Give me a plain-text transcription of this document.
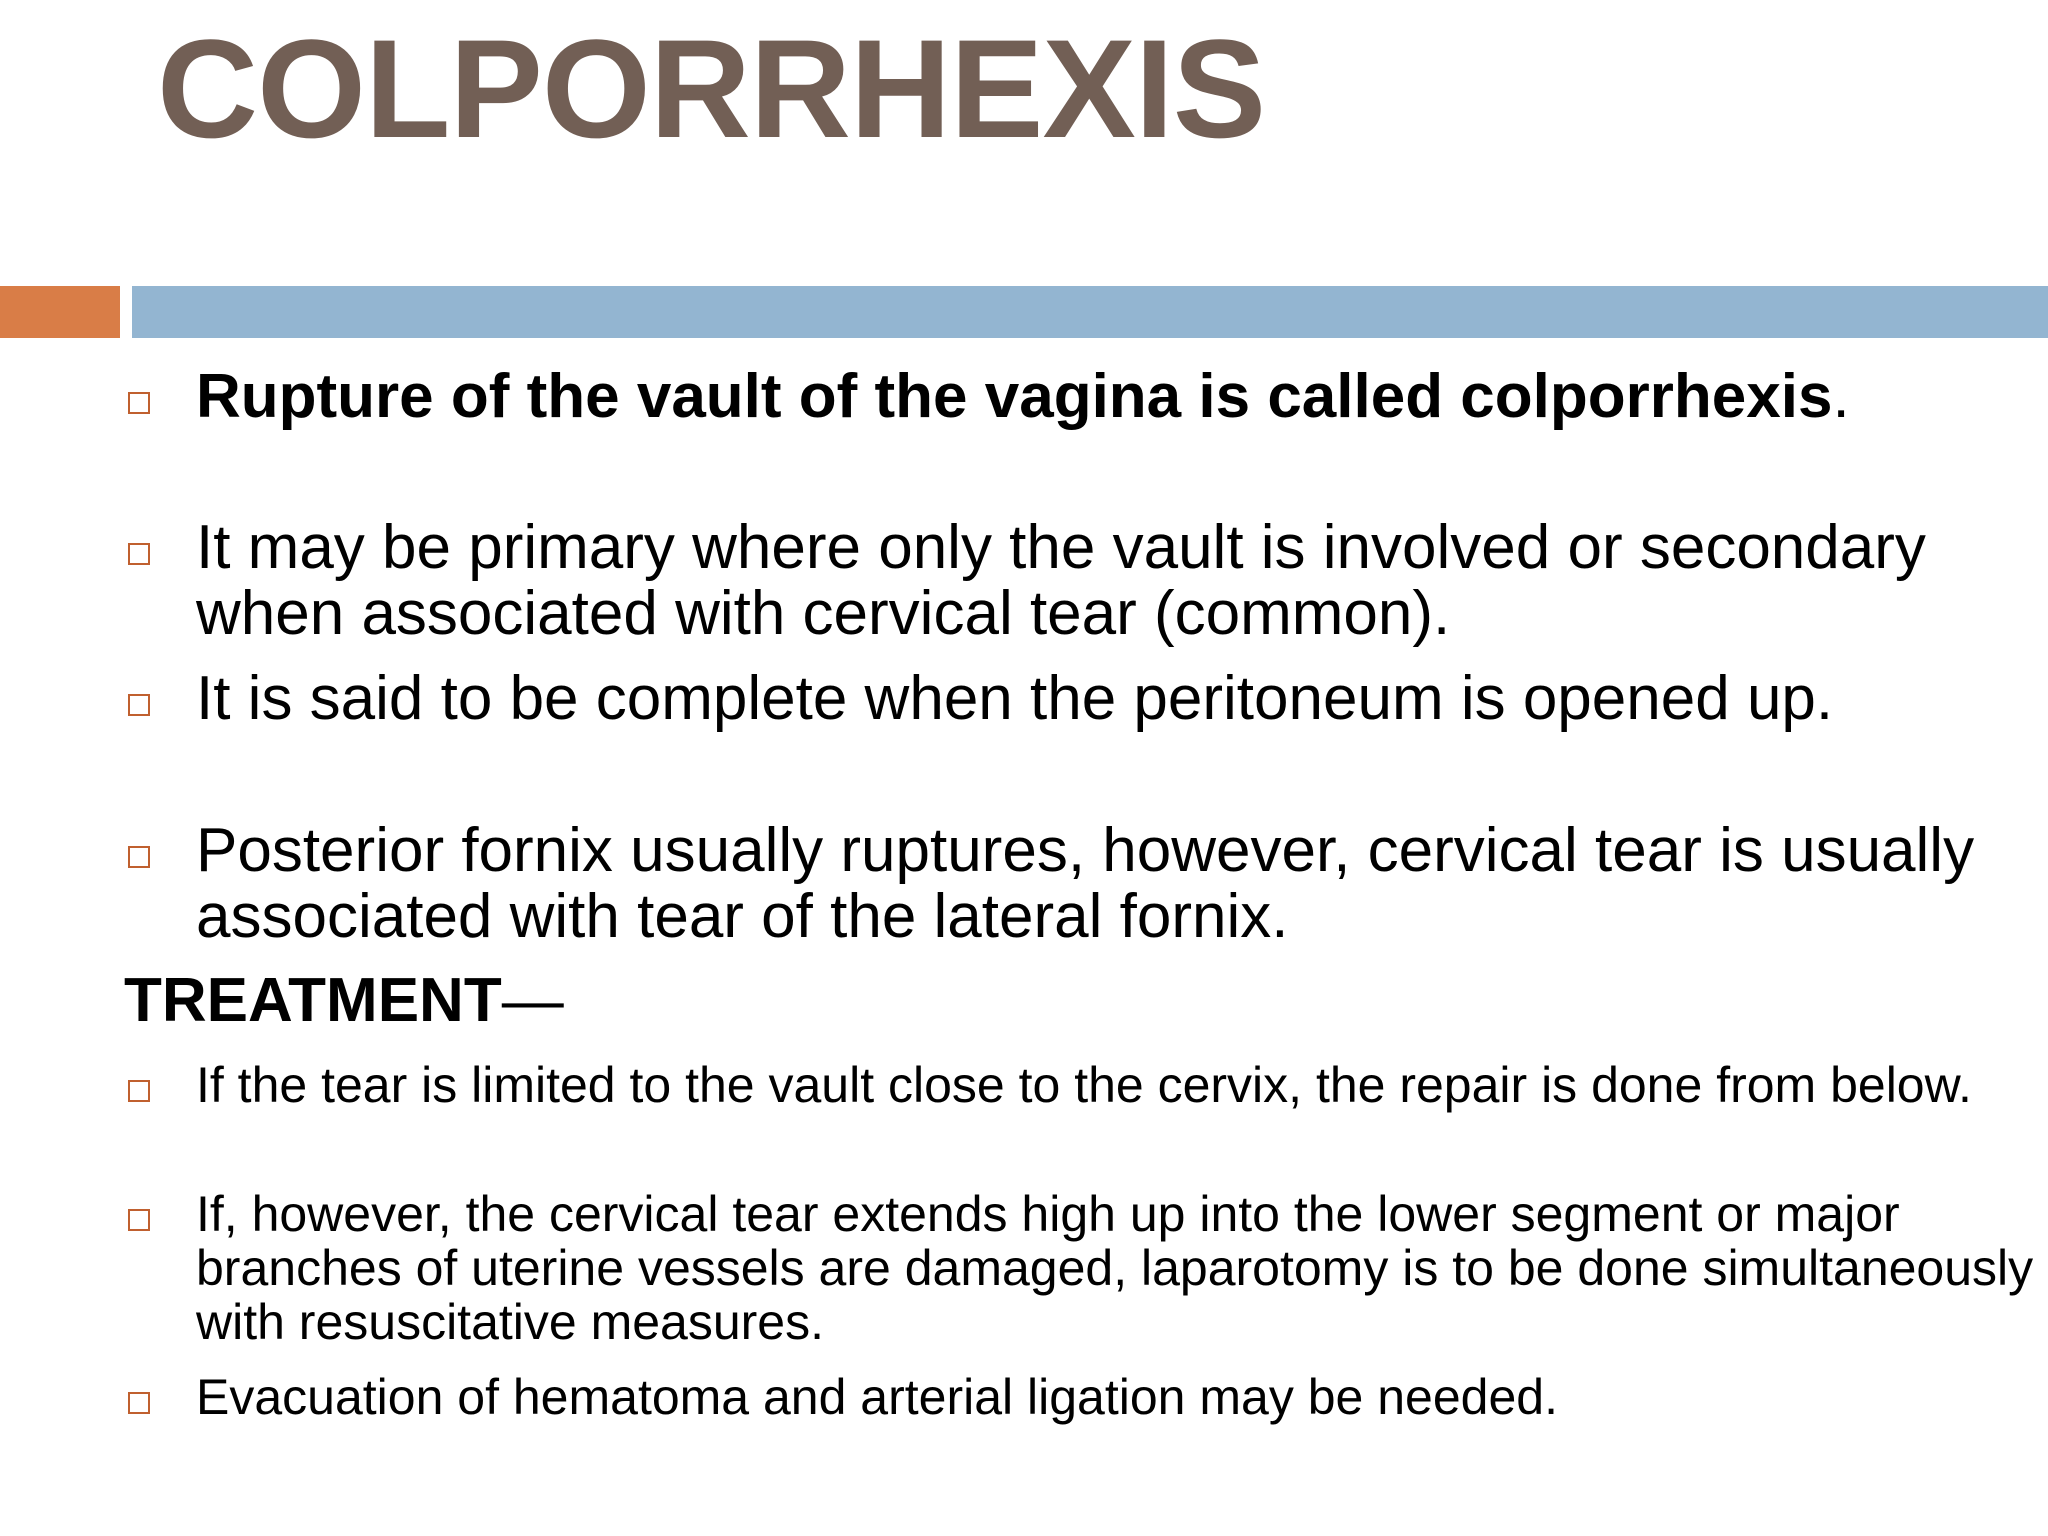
COLPORRHEXIS
Rupture of the vault of the vagina is called colporrhexis.
It may be primary where only the vault is involved or secondary when associated with cervical tear (common).
It is said to be complete when the peritoneum is opened up.
Posterior fornix usually ruptures, however, cervical tear is usually associated with tear of the lateral fornix.
TREATMENT—
If the tear is limited to the vault close to the cervix, the repair is done from below.
If, however, the cervical tear extends high up into the lower segment or major branches of uterine vessels are damaged, laparotomy is to be done simultaneously with resuscitative measures.
Evacuation of hematoma and arterial ligation may be needed.
